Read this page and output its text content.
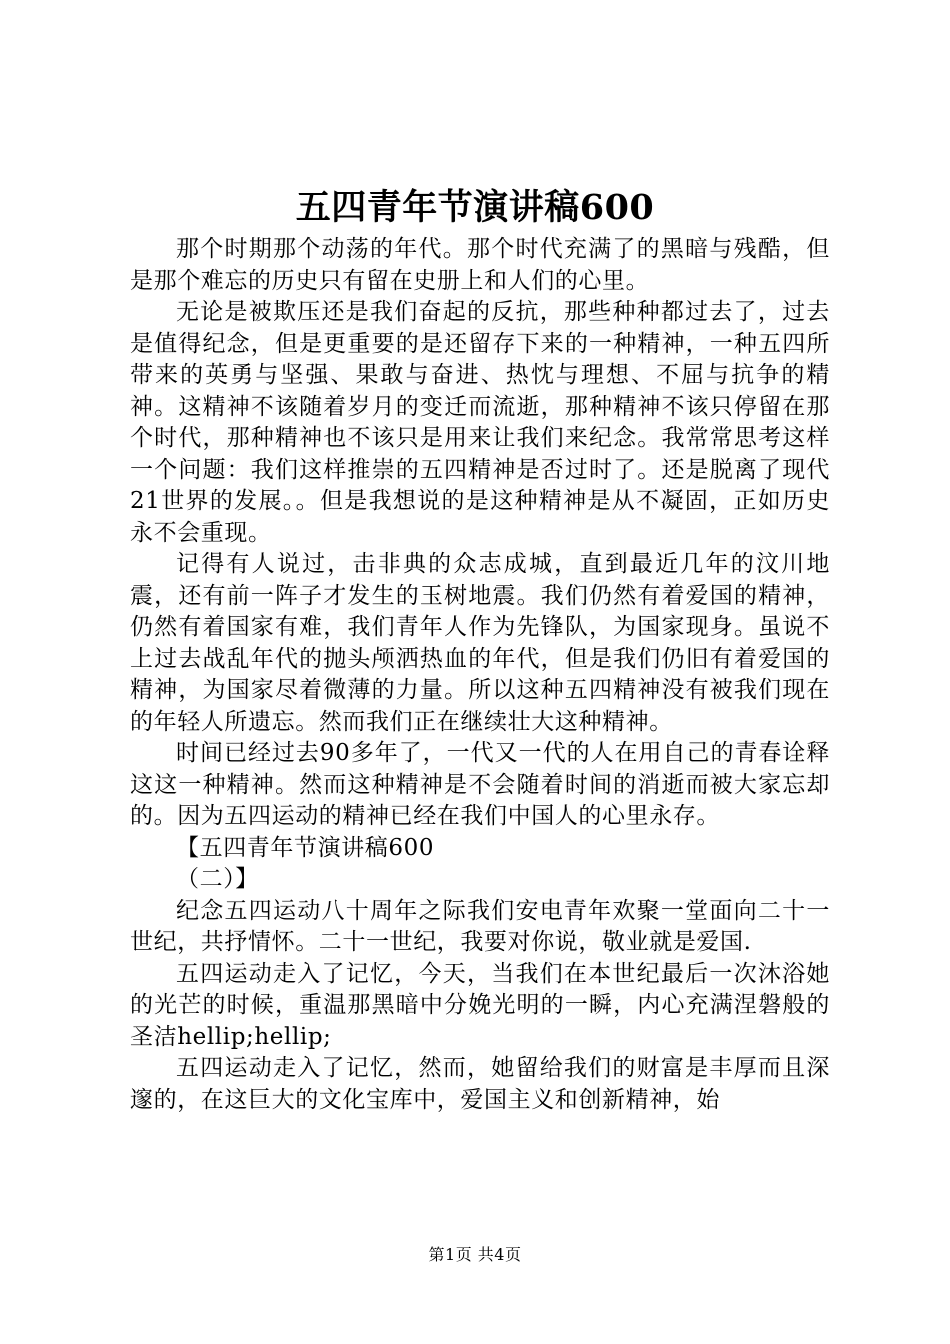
五四青年节演讲稿600

那个时期那个动荡的年代。那个时代充满了的黑暗与残酷，但是那个难忘的历史只有留在史册上和人们的心里。

无论是被欺压还是我们奋起的反抗，那些种种都过去了，过去是值得纪念，但是更重要的是还留存下来的一种精神，一种五四所带来的英勇与坚强、果敢与奋进、热忱与理想、不屈与抗争的精神。这精神不该随着岁月的变迁而流逝，那种精神不该只停留在那个时代，那种精神也不该只是用来让我们来纪念。我常常思考这样一个问题：我们这样推崇的五四精神是否过时了。还是脱离了现代21世界的发展。。但是我想说的是这种精神是从不凝固，正如历史永不会重现。

记得有人说过，击非典的众志成城，直到最近几年的汶川地震，还有前一阵子才发生的玉树地震。我们仍然有着爱国的精神，仍然有着国家有难，我们青年人作为先锋队，为国家现身。虽说不上过去战乱年代的抛头颅洒热血的年代，但是我们仍旧有着爱国的精神，为国家尽着微薄的力量。所以这种五四精神没有被我们现在的年轻人所遗忘。然而我们正在继续壮大这种精神。

时间已经过去90多年了，一代又一代的人在用自己的青春诠释这这一种精神。然而这种精神是不会随着时间的消逝而被大家忘却的。因为五四运动的精神已经在我们中国人的心里永存。

【五四青年节演讲稿600

（二）】

纪念五四运动八十周年之际我们安电青年欢聚一堂面向二十一世纪，共抒情怀。二十一世纪，我要对你说，敬业就是爱国.

五四运动走入了记忆，今天，当我们在本世纪最后一次沐浴她的光芒的时候，重温那黑暗中分娩光明的一瞬，内心充满涅磐般的圣洁hellip;hellip;

五四运动走入了记忆，然而，她留给我们的财富是丰厚而且深邃的，在这巨大的文化宝库中，爱国主义和创新精神，始

第1页 共4页
